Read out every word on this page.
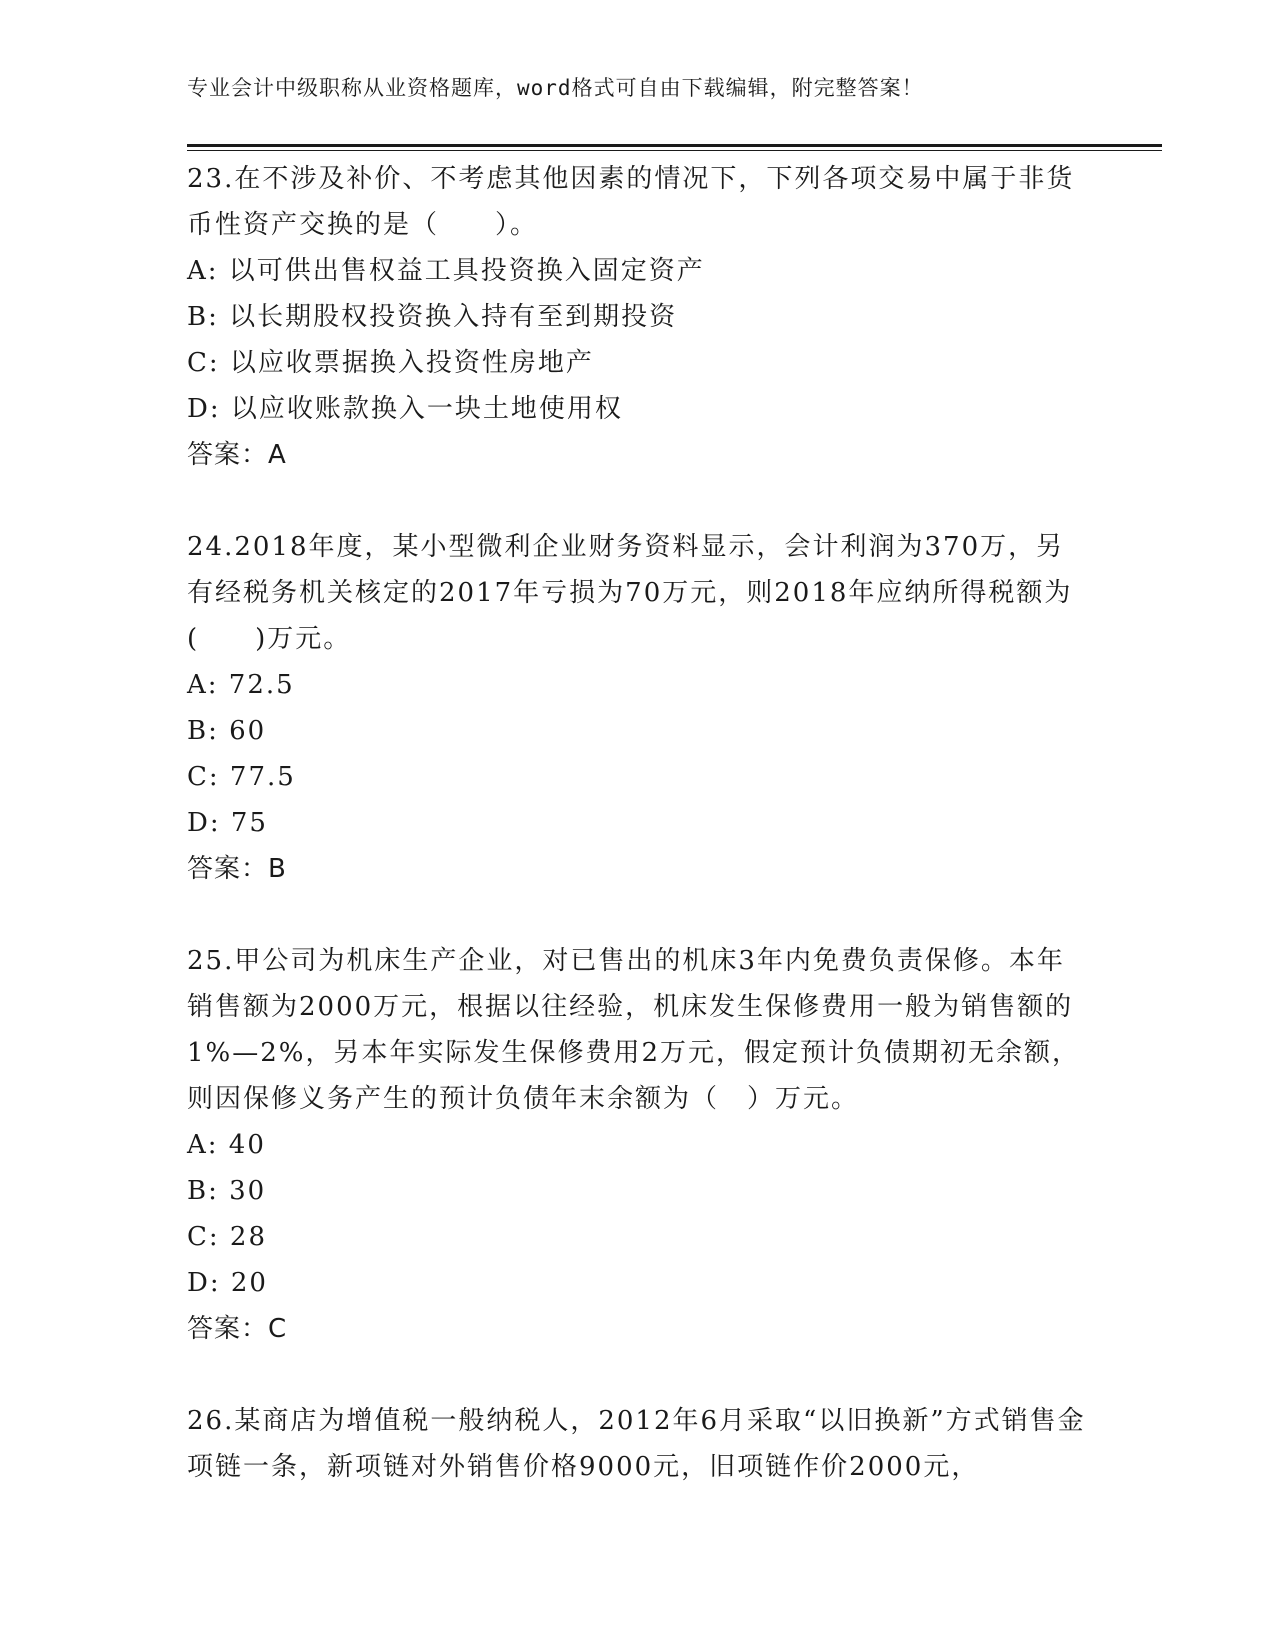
专业会计中级职称从业资格题库，word格式可自由下载编辑，附完整答案！

23.在不涉及补价、不考虑其他因素的情况下，下列各项交易中属于非货币性资产交换的是（　　）。

A: 以可供出售权益工具投资换入固定资产

B: 以长期股权投资换入持有至到期投资

C: 以应收票据换入投资性房地产

D: 以应收账款换入一块土地使用权

答案：A

24.2018年度，某小型微利企业财务资料显示，会计利润为370万，另有经税务机关核定的2017年亏损为70万元，则2018年应纳所得税额为(　　)万元。

A: 72.5

B: 60

C: 77.5

D: 75

答案：B

25.甲公司为机床生产企业，对已售出的机床3年内免费负责保修。本年销售额为2000万元，根据以往经验，机床发生保修费用一般为销售额的1%—2%，另本年实际发生保修费用2万元，假定预计负债期初无余额，则因保修义务产生的预计负债年末余额为（　）万元。

A: 40

B: 30

C: 28

D: 20

答案：C

26.某商店为增值税一般纳税人，2012年6月采取“以旧换新”方式销售金项链一条，新项链对外销售价格9000元，旧项链作价2000元，
